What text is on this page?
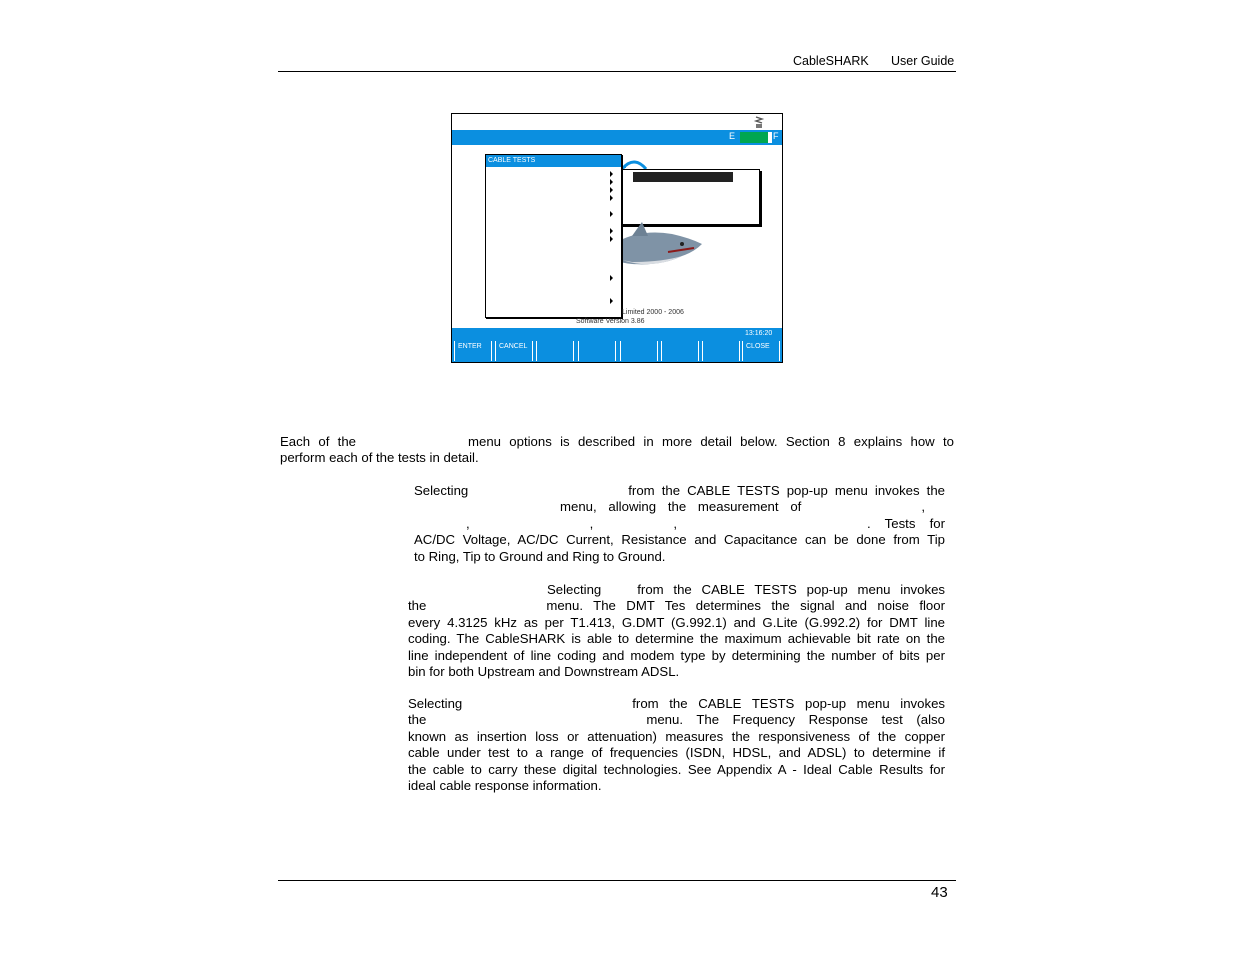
CableSHARK User Guide
E	F
CABLE TESTS
Limited 2000 - 2006
Software Version 3.86
13:16:20
ENTER	CANCEL	CLOSE
Each of the	menu options is described in more detail below. Section 8 explains how to
perform each of the tests in detail.
Selecting	from the CABLE TESTS pop-up menu invokes the
menu, allowing the measurement of	,
,	,	,	. Tests for
AC/DC Voltage, AC/DC Current, Resistance and Capacitance can be done from Tip
to Ring, Tip to Ground and Ring to Ground.
Selecting	from the CABLE TESTS pop-up menu invokes
the	menu. The DMT Tes determines the signal and noise floor
every 4.3125 kHz as per T1.413, G.DMT (G.992.1) and G.Lite (G.992.2) for DMT line
coding. The CableSHARK is able to determine the maximum achievable bit rate on the
line independent of line coding and modem type by determining the number of bits per
bin for both Upstream and Downstream ADSL.
Selecting	from the CABLE TESTS pop-up menu invokes
the	menu. The Frequency Response test (also
known as insertion loss or attenuation) measures the responsiveness of the copper
cable under test to a range of frequencies (ISDN, HDSL, and ADSL) to determine if
the cable to carry these digital technologies. See Appendix A - Ideal Cable Results for
ideal cable response information.
43
